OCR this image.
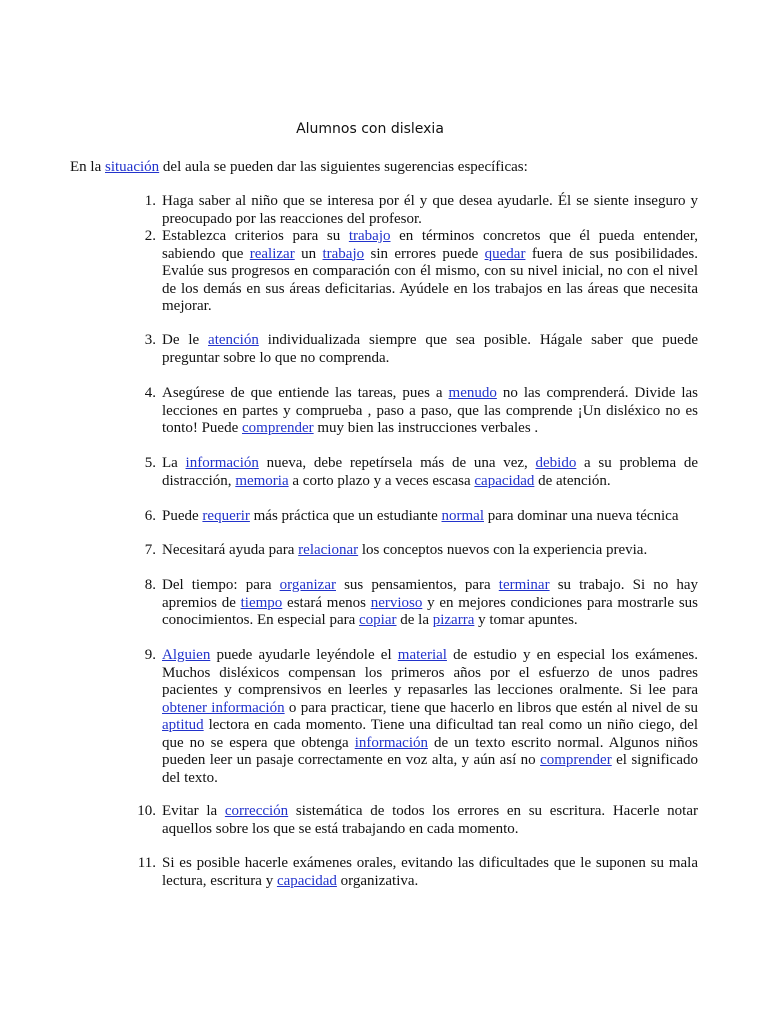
Alumnos con dislexia
En la situación del aula se pueden dar las siguientes sugerencias específicas:
1. Haga saber al niño que se interesa por él y que desea ayudarle. Él se siente inseguro y preocupado por las reacciones del profesor.
2. Establezca criterios para su trabajo en términos concretos que él pueda entender, sabiendo que realizar un trabajo sin errores puede quedar fuera de sus posibilidades. Evalúe sus progresos en comparación con él mismo, con su nivel inicial, no con el nivel de los demás en sus áreas deficitarias. Ayúdele en los trabajos en las áreas que necesita mejorar.
3. De le atención individualizada siempre que sea posible. Hágale saber que puede preguntar sobre lo que no comprenda.
4. Asegúrese de que entiende las tareas, pues a menudo no las comprenderá. Divide las lecciones en partes y comprueba , paso a paso, que las comprende ¡Un disléxico no es tonto! Puede comprender muy bien las instrucciones verbales .
5. La información nueva, debe repetírsela más de una vez, debido a su problema de distracción, memoria a corto plazo y a veces escasa capacidad de atención.
6. Puede requerir más práctica que un estudiante normal para dominar una nueva técnica
7. Necesitará ayuda para relacionar los conceptos nuevos con la experiencia previa.
8. Del tiempo: para organizar sus pensamientos, para terminar su trabajo. Si no hay apremios de tiempo estará menos nervioso y en mejores condiciones para mostrarle sus conocimientos. En especial para copiar de la pizarra y tomar apuntes.
9. Alguien puede ayudarle leyéndole el material de estudio y en especial los exámenes. Muchos disléxicos compensan los primeros años por el esfuerzo de unos padres pacientes y comprensivos en leerles y repasarles las lecciones oralmente. Si lee para obtener información o para practicar, tiene que hacerlo en libros que estén al nivel de su aptitud lectora en cada momento. Tiene una dificultad tan real como un niño ciego, del que no se espera que obtenga información de un texto escrito normal. Algunos niños pueden leer un pasaje correctamente en voz alta, y aún así no comprender el significado del texto.
10. Evitar la corrección sistemática de todos los errores en su escritura. Hacerle notar aquellos sobre los que se está trabajando en cada momento.
11. Si es posible hacerle exámenes orales, evitando las dificultades que le suponen su mala lectura, escritura y capacidad organizativa.
